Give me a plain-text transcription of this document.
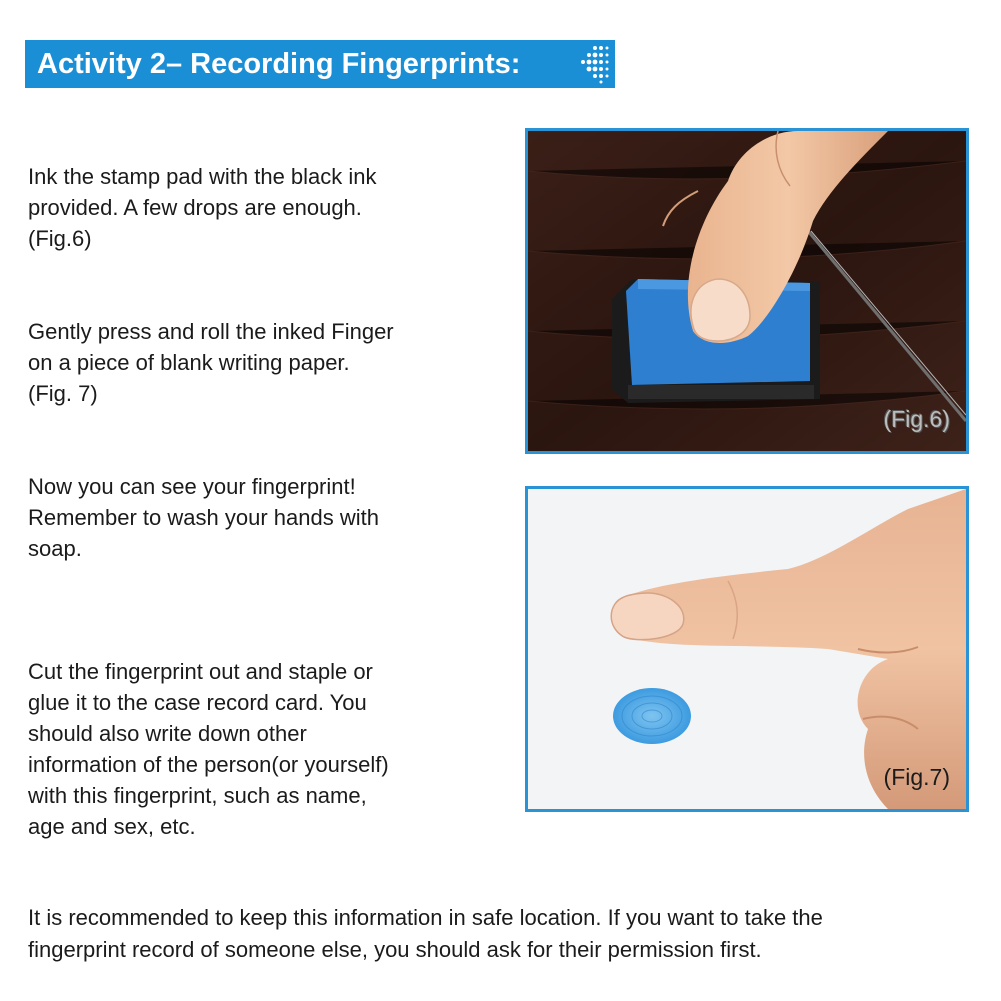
Activity 2– Recording Fingerprints:
Ink the stamp pad with the black ink
provided. A few drops are enough.
(Fig.6)
Gently press and roll the inked Finger
on a piece of blank writing paper.
(Fig. 7)
Now you can see your fingerprint!
Remember to wash your hands with
soap.
Cut the fingerprint out and staple or
glue it to the case record card. You
should also write down other
information of the person(or yourself)
with this fingerprint, such as name,
age and sex, etc.
It is recommended to keep this information in safe location. If you want to take the
fingerprint record of someone else, you should ask for their permission first.
(Fig.6)
(Fig.7)
